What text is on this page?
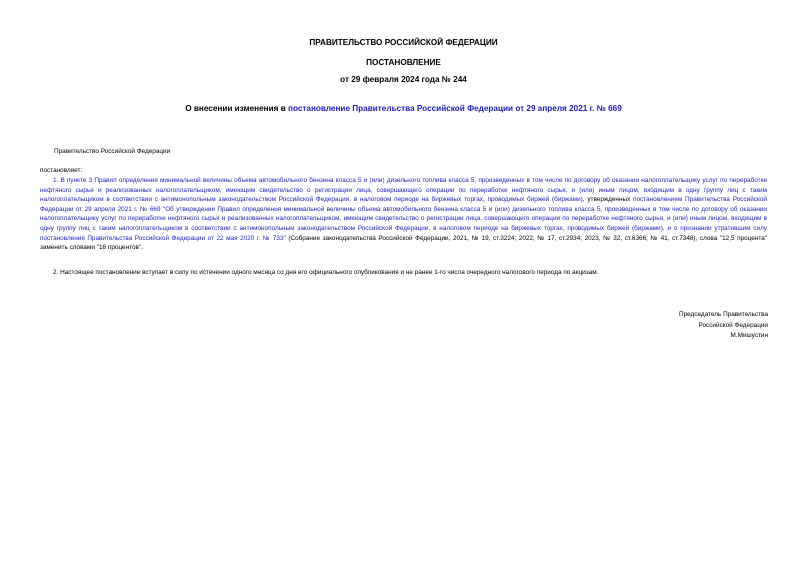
ПРАВИТЕЛЬСТВО РОССИЙСКОЙ ФЕДЕРАЦИИ
ПОСТАНОВЛЕНИЕ
от 29 февраля 2024 года № 244
О внесении изменения в постановление Правительства Российской Федерации от 29 апреля 2021 г. № 669
Правительство Российской Федерации
постановляет:
1. В пункте 3 Правил определения минимальной величины объема автомобильного бензина класса 5 и (или) дизельного топлива класса 5, произведенных в том числе по договору об оказании налогоплательщику услуг по переработке нефтяного сырья и реализованных налогоплательщиком, имеющим свидетельство о регистрации лица, совершающего операции по переработке нефтяного сырья, и (или) иным лицом, входящим в одну группу лиц с таким налогоплательщиком в соответствии с антимонопольным законодательством Российской Федерации, в налоговом периоде на биржевых торгах, проводимых биржей (биржами), утвержденных постановлением Правительства Российской Федерации от 29 апреля 2021 г. № 669 "Об утверждении Правил определения минимальной величины объема автомобильного бензина класса 5 и (или) дизельного топлива класса 5, произведенных в том числе по договору об оказании налогоплательщику услуг по переработке нефтяного сырья и реализованных налогоплательщиком, имеющим свидетельство о регистрации лица, совершающего операции по переработке нефтяного сырья, и (или) иным лицом, входящим в одну группу лиц с таким налогоплательщиком в соответствии с антимонопольным законодательством Российской Федерации, в налоговом периоде на биржевых торгах, проводимых биржей (биржами), и о признании утратившим силу постановления Правительства Российской Федерации от 22 мая 2020 г. № 733" (Собрание законодательства Российской Федерации, 2021, № 19, ст.3224; 2022, № 17, ст.2934; 2023, № 32, ст.6366; № 41, ст.7348), слова "12,5 процента" заменить словами "16 процентов".
2. Настоящее постановление вступает в силу по истечении одного месяца со дня его официального опубликования и не ранее 1-го числа очередного налогового периода по акцизам.
Председатель Правительства
Российской Федерации
М.Мишустин
